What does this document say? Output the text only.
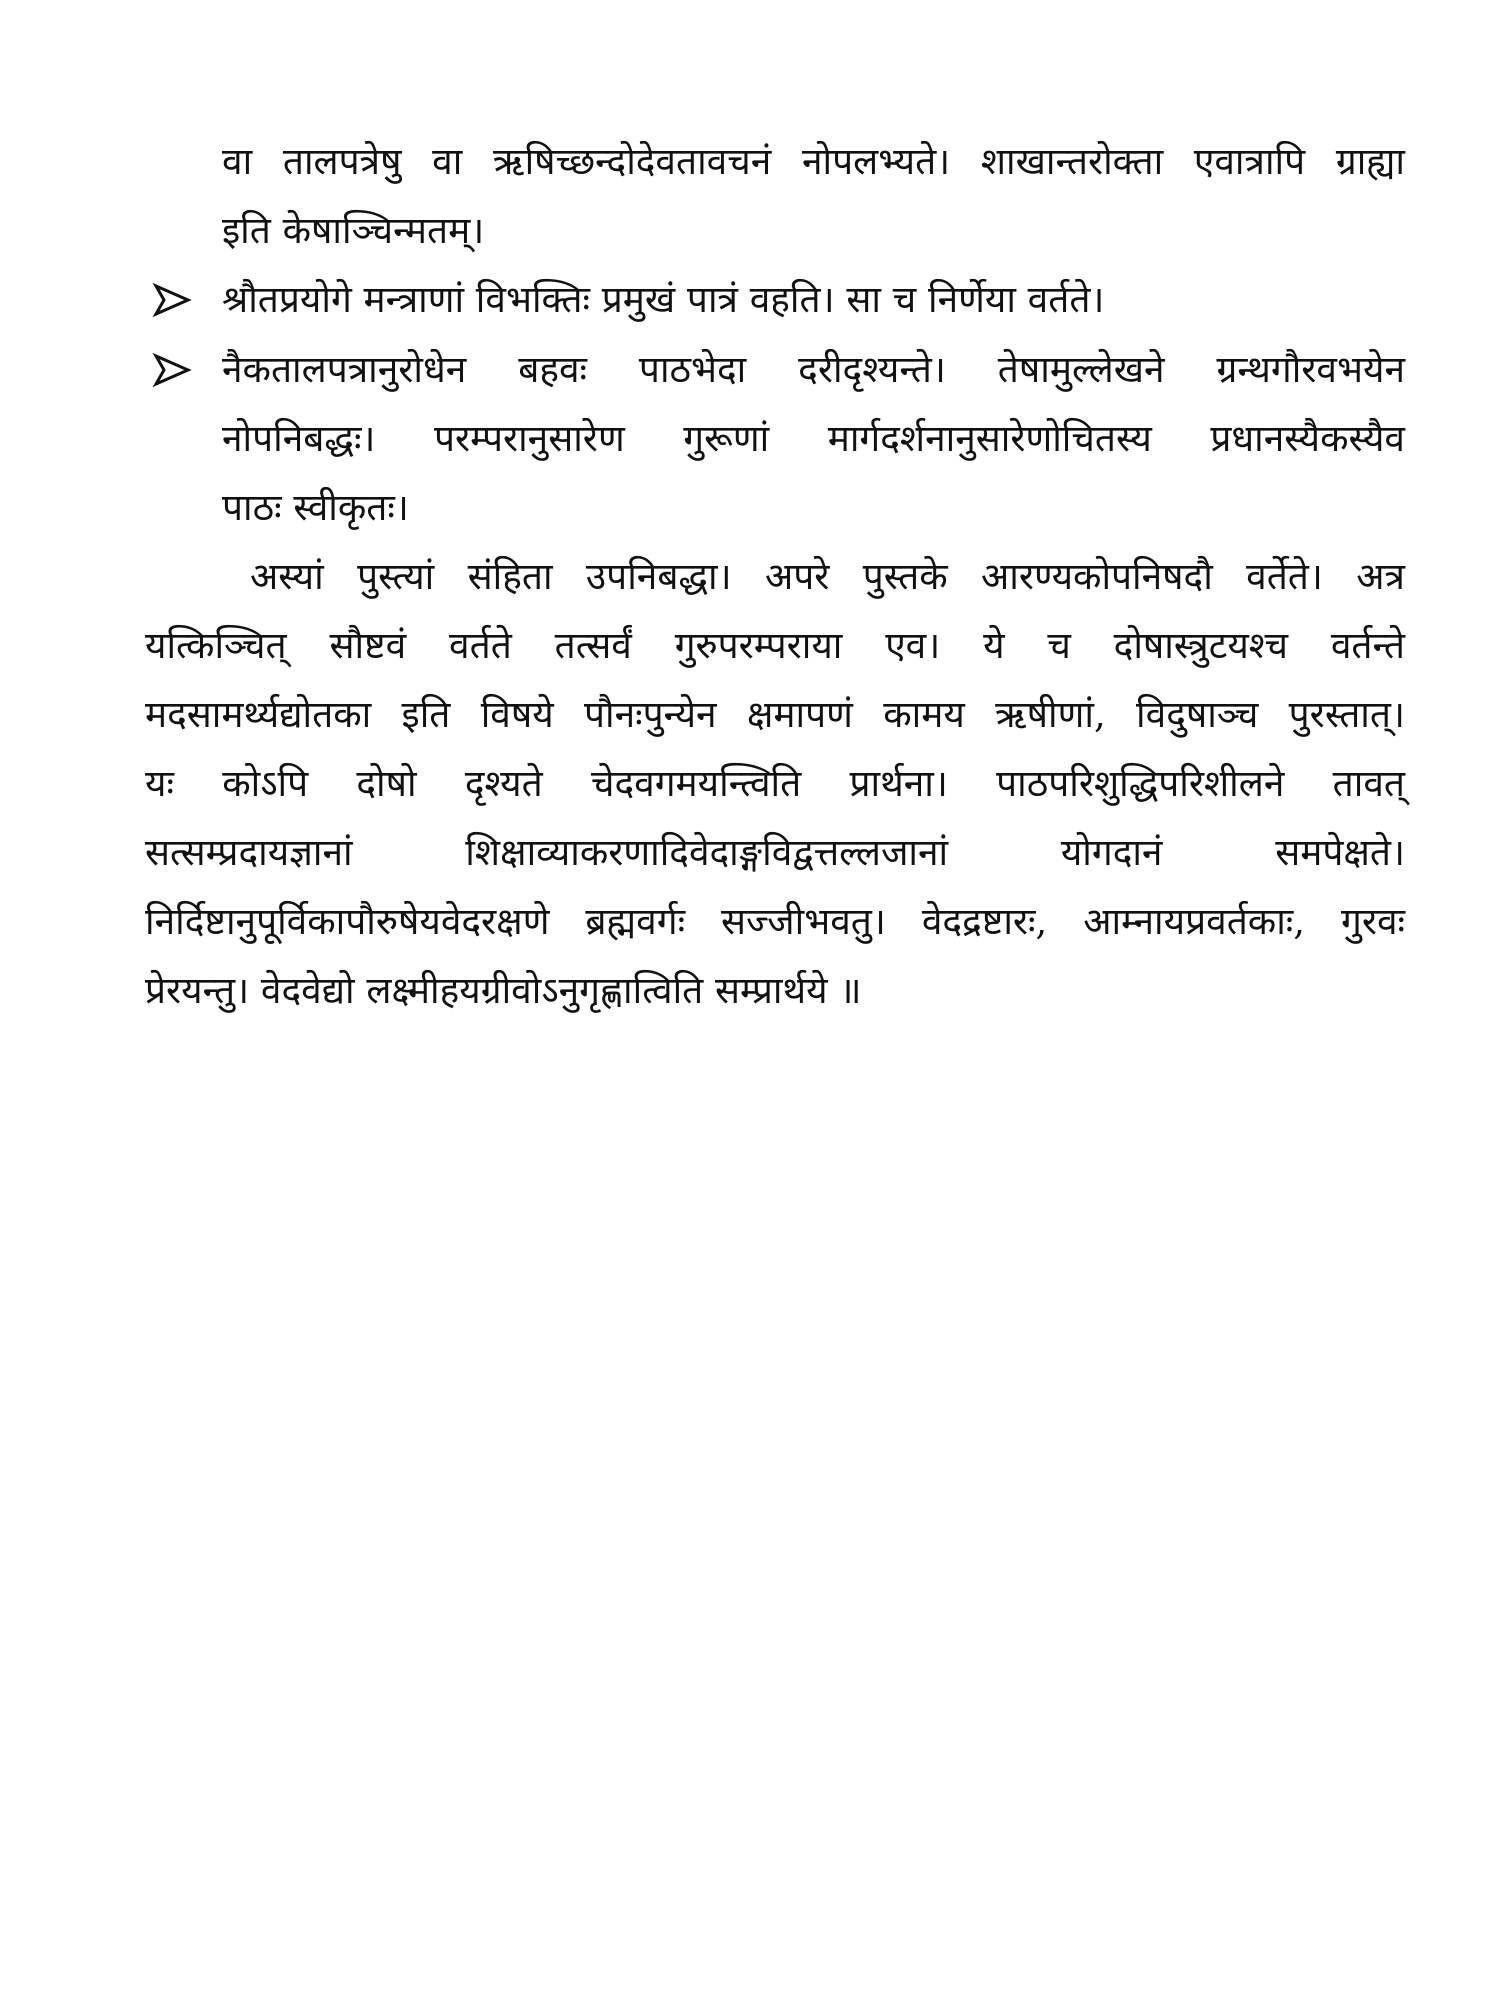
वा तालपत्रेषु वा ऋषिच्छन्दोदेवतावचनं नोपलभ्यते। शाखान्तरोक्ता एवात्रापि ग्राह्या
इति केषाञ्चिन्मतम्।
श्रौतप्रयोगे मन्त्राणां विभक्तिः प्रमुखं पात्रं वहति। सा च निर्णेया वर्तते।
नैकतालपत्रानुरोधेन बहवः पाठभेदा दरीदृश्यन्ते। तेषामुल्लेखने ग्रन्थगौरवभयेन
नोपनिबद्धः। परम्परानुसारेण गुरूणां मार्गदर्शनानुसारेणोचितस्य प्रधानस्यैकस्यैव
पाठः स्वीकृतः।
अस्यां पुस्त्यां संहिता उपनिबद्धा। अपरे पुस्तके आरण्यकोपनिषदौ वर्तेते। अत्र
यत्किञ्चित् सौष्टवं वर्तते तत्सर्वं गुरुपरम्पराया एव। ये च दोषास्त्रुटयश्च वर्तन्ते
मदसामर्थ्यद्योतका इति विषये पौनःपुन्येन क्षमापणं कामय ऋषीणां, विदुषाञ्च पुरस्तात्।
यः कोऽपि दोषो दृश्यते चेदवगमयन्त्विति प्रार्थना। पाठपरिशुद्धिपरिशीलने तावत्
सत्सम्प्रदायज्ञानां शिक्षाव्याकरणादिवेदाङ्गविद्वत्तल्लजानां योगदानं समपेक्षते।
निर्दिष्टानुपूर्विकापौरुषेयवेदरक्षणे ब्रह्मवर्गः सज्जीभवतु। वेदद्रष्टारः, आम्नायप्रवर्तकाः, गुरवः
प्रेरयन्तु। वेदवेद्यो लक्ष्मीहयग्रीवोऽनुगृह्णात्विति सम्प्रार्थये ॥
